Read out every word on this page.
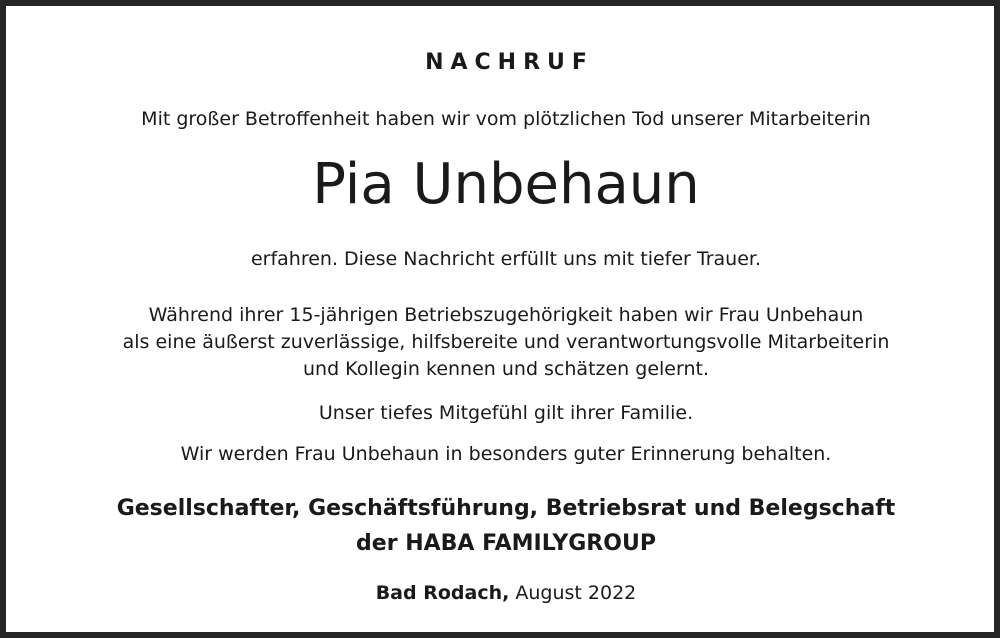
NACHRUF
Mit großer Betroffenheit haben wir vom plötzlichen Tod unserer Mitarbeiterin
Pia Unbehaun
erfahren. Diese Nachricht erfüllt uns mit tiefer Trauer.
Während ihrer 15-jährigen Betriebszugehörigkeit haben wir Frau Unbehaun
als eine äußerst zuverlässige, hilfsbereite und verantwortungsvolle Mitarbeiterin
und Kollegin kennen und schätzen gelernt.
Unser tiefes Mitgefühl gilt ihrer Familie.
Wir werden Frau Unbehaun in besonders guter Erinnerung behalten.
Gesellschafter, Geschäftsführung, Betriebsrat und Belegschaft
der HABA FAMILYGROUP
Bad Rodach, August 2022
